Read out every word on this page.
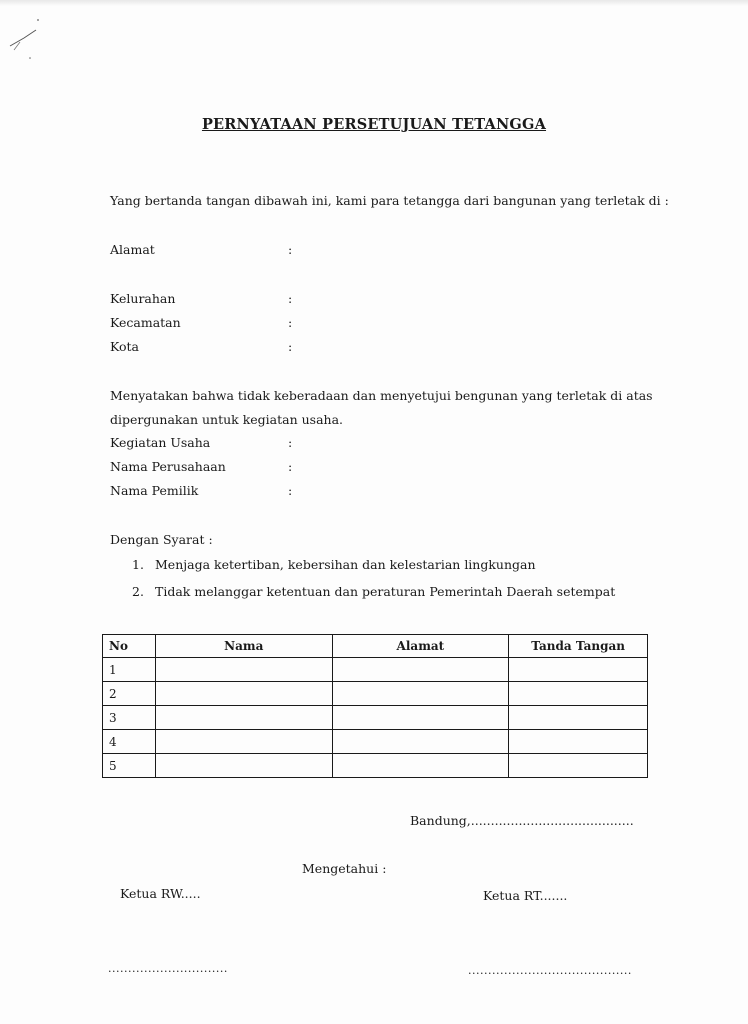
PERNYATAAN PERSETUJUAN TETANGGA
Yang bertanda tangan dibawah ini, kami para tetangga dari bangunan yang terletak di :
Alamat	:
Kelurahan	:
Kecamatan	:
Kota	:
Menyatakan bahwa tidak keberadaan dan menyetujui bengunan yang terletak di atas
dipergunakan untuk kegiatan usaha.
Kegiatan Usaha	:
Nama Perusahaan	:
Nama Pemilik	:
Dengan Syarat :
1. Menjaga ketertiban, kebersihan dan kelestarian lingkungan
2. Tidak melanggar ketentuan dan peraturan Pemerintah Daerah setempat
No	Nama	Alamat	Tanda Tangan
1			
2			
3			
4			
5			
Bandung,.........................................
Mengetahui :
Ketua RW.....	Ketua RT.......
..............................	.........................................
